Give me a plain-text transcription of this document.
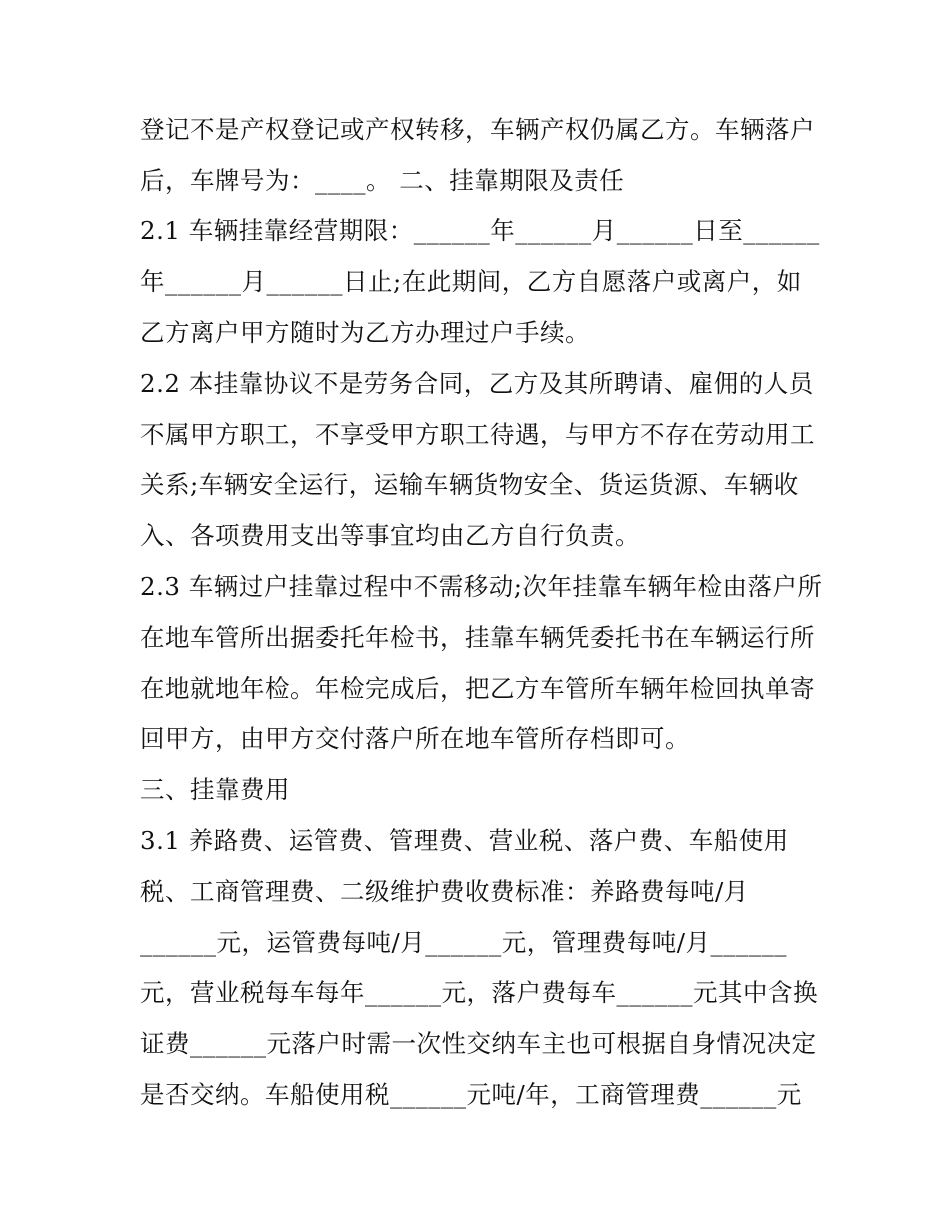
登记不是产权登记或产权转移，车辆产权仍属乙方。车辆落户
后，车牌号为：____。 二、挂靠期限及责任
2.1 车辆挂靠经营期限：______年______月______日至______
年______月______日止;在此期间，乙方自愿落户或离户，如
乙方离户甲方随时为乙方办理过户手续。
2.2 本挂靠协议不是劳务合同，乙方及其所聘请、雇佣的人员
不属甲方职工，不享受甲方职工待遇，与甲方不存在劳动用工
关系;车辆安全运行，运输车辆货物安全、货运货源、车辆收
入、各项费用支出等事宜均由乙方自行负责。
2.3 车辆过户挂靠过程中不需移动;次年挂靠车辆年检由落户所
在地车管所出据委托年检书，挂靠车辆凭委托书在车辆运行所
在地就地年检。年检完成后，把乙方车管所车辆年检回执单寄
回甲方，由甲方交付落户所在地车管所存档即可。
三、挂靠费用
3.1 养路费、运管费、管理费、营业税、落户费、车船使用
税、工商管理费、二级维护费收费标准：养路费每吨/月
______元，运管费每吨/月______元，管理费每吨/月______
元，营业税每车每年______元，落户费每车______元其中含换
证费______元落户时需一次性交纳车主也可根据自身情况决定
是否交纳。车船使用税______元吨/年，工商管理费______元
